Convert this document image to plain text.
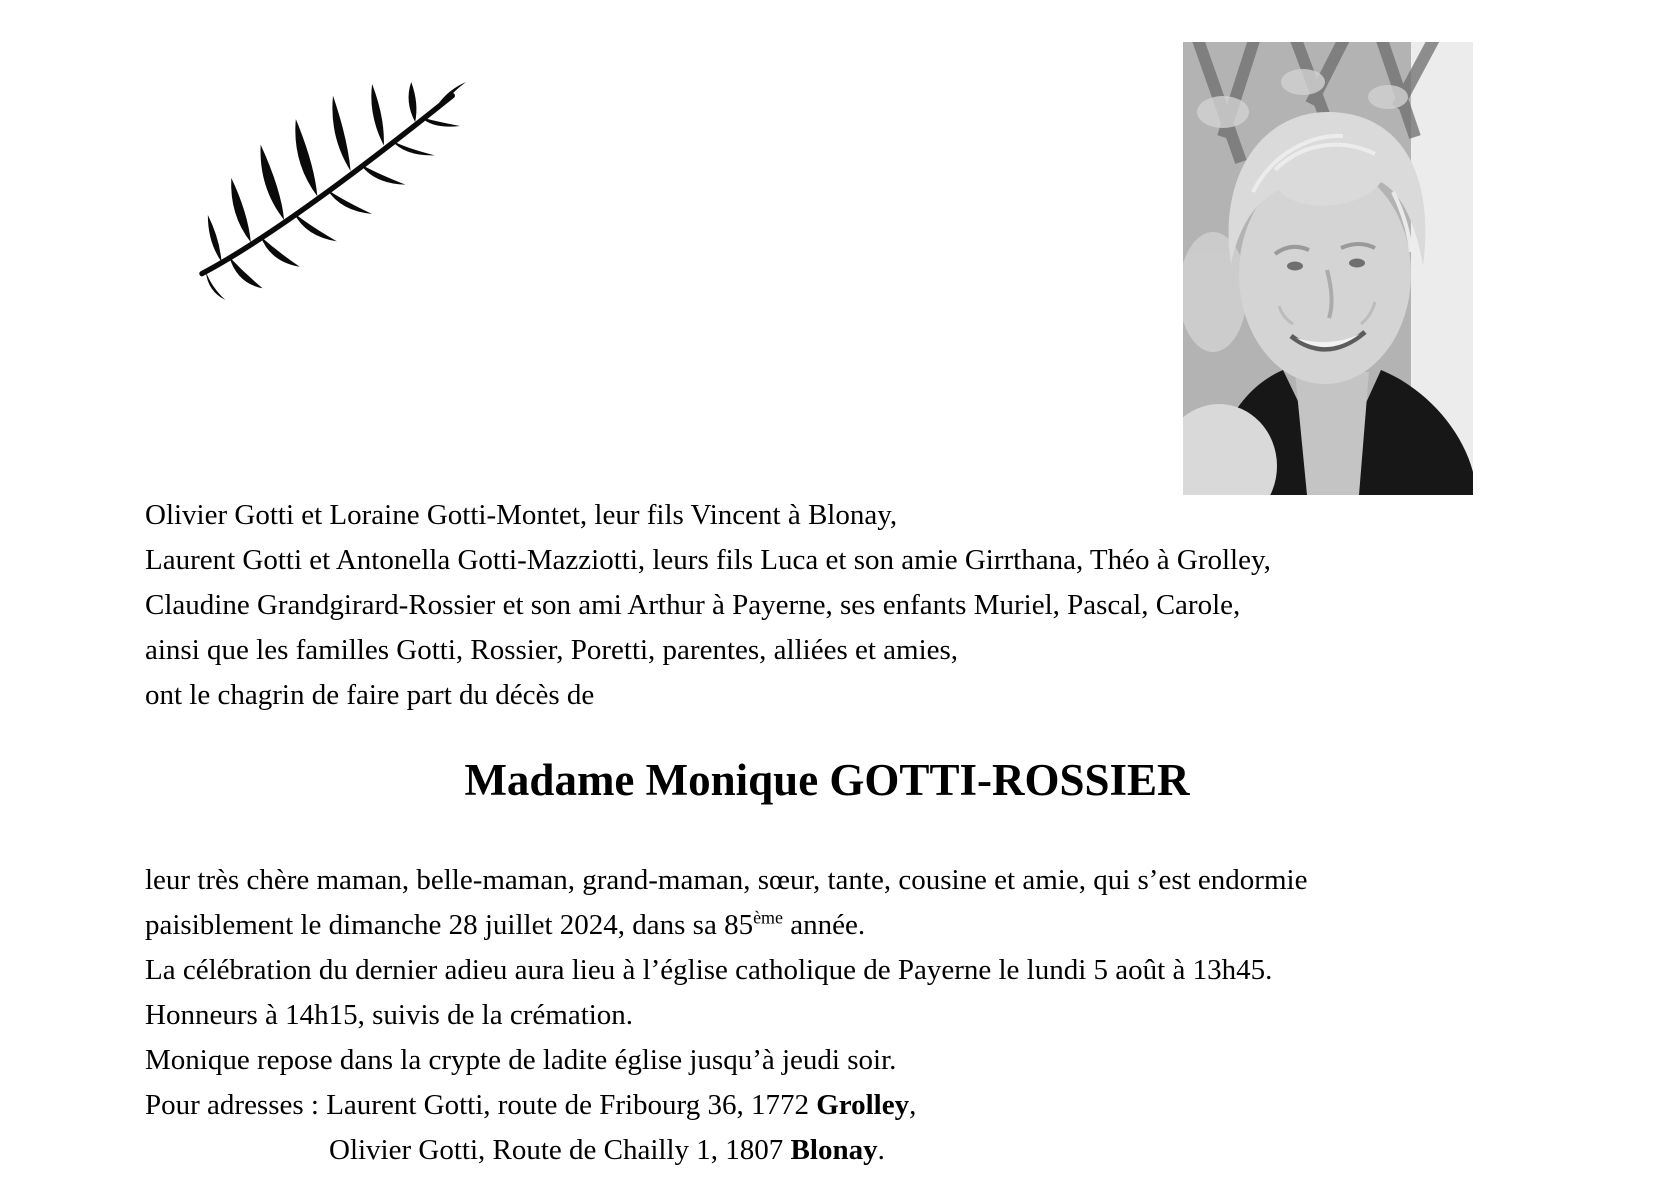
Olivier Gotti et Loraine Gotti-Montet, leur fils Vincent à Blonay,
Laurent Gotti et Antonella Gotti-Mazziotti, leurs fils Luca et son amie Girrthana, Théo à Grolley,
Claudine Grandgirard-Rossier et son ami Arthur à Payerne, ses enfants Muriel, Pascal, Carole,
ainsi que les familles Gotti, Rossier, Poretti, parentes, alliées et amies,
ont le chagrin de faire part du décès de
Madame Monique GOTTI-ROSSIER
leur très chère maman, belle-maman, grand-maman, sœur, tante, cousine et amie, qui s’est endormie
paisiblement le dimanche 28 juillet 2024, dans sa 85ème année.
La célébration du dernier adieu aura lieu à l’église catholique de Payerne le lundi 5 août à 13h45.
Honneurs à 14h15, suivis de la crémation.
Monique repose dans la crypte de ladite église jusqu’à jeudi soir.
Pour adresses : Laurent Gotti, route de Fribourg 36, 1772 Grolley,
Olivier Gotti, Route de Chailly 1, 1807 Blonay.
